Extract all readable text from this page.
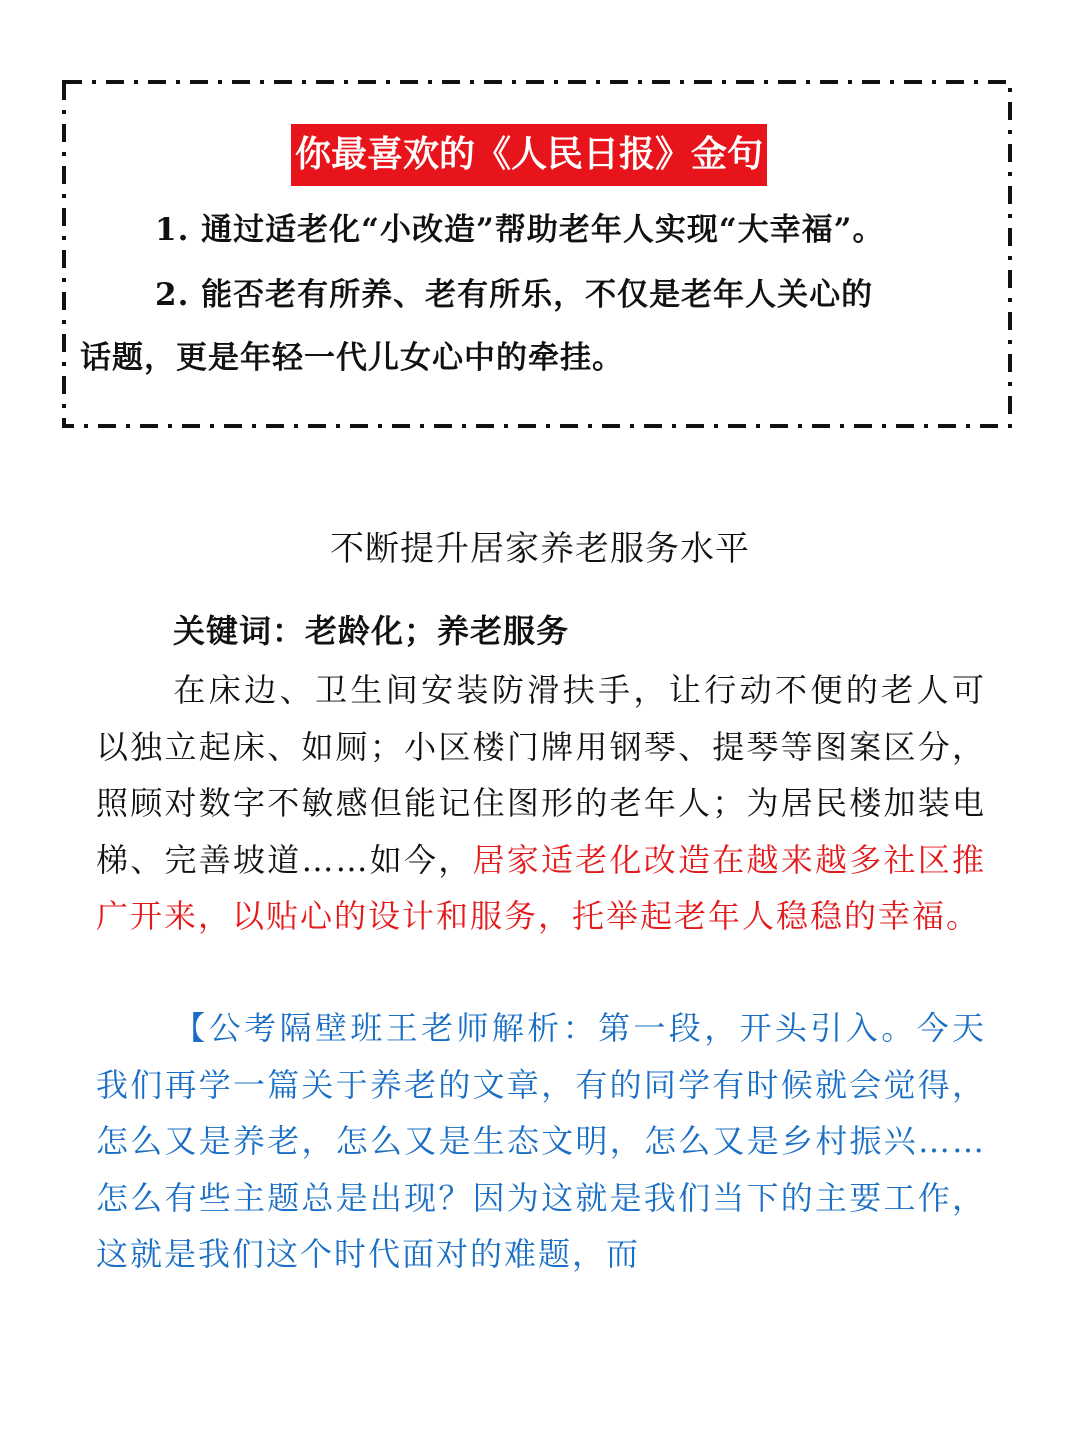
你最喜欢的《人民日报》金句
1. 通过适老化“小改造”帮助老年人实现“大幸福”。
2. 能否老有所养、老有所乐，不仅是老年人关心的
话题，更是年轻一代儿女心中的牵挂。
不断提升居家养老服务水平
关键词：老龄化；养老服务
在床边、卫生间安装防滑扶手，让行动不便的老人可以独立起床、如厕；小区楼门牌用钢琴、提琴等图案区分，照顾对数字不敏感但能记住图形的老年人；为居民楼加装电梯、完善坡道……如今，居家适老化改造在越来越多社区推广开来，以贴心的设计和服务，托举起老年人稳稳的幸福。
【公考隔壁班王老师解析：第一段，开头引入。今天我们再学一篇关于养老的文章，有的同学有时候就会觉得，怎么又是养老，怎么又是生态文明，怎么又是乡村振兴……怎么有些主题总是出现？因为这就是我们当下的主要工作，这就是我们这个时代面对的难题，而
